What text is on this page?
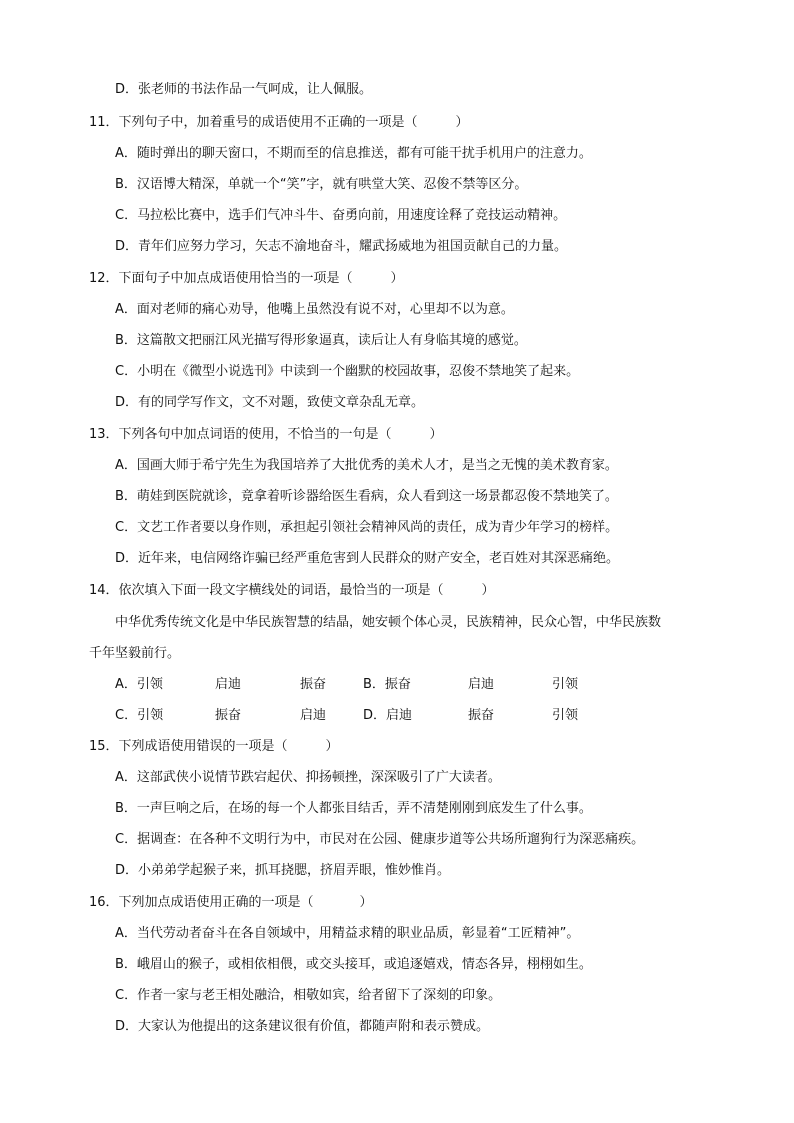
D．张老师的书法作品一气呵成，让人佩服。
11．下列句子中，加着重号的成语使用不正确的一项是（	）
A．随时弹出的聊天窗口，不期而至的信息推送，都有可能干扰手机用户的注意力。
B．汉语博大精深，单就一个“笑”字，就有哄堂大笑、忍俊不禁等区分。
C．马拉松比赛中，选手们气冲斗牛、奋勇向前，用速度诠释了竞技运动精神。
D．青年们应努力学习，矢志不渝地奋斗，耀武扬威地为祖国贡献自己的力量。
12．下面句子中加点成语使用恰当的一项是（	）
A．面对老师的痛心劝导，他嘴上虽然没有说不对，心里却不以为意。
B．这篇散文把丽江风光描写得形象逼真，读后让人有身临其境的感觉。
C．小明在《微型小说选刊》中读到一个幽默的校园故事，忍俊不禁地笑了起来。
D．有的同学写作文，文不对题，致使文章杂乱无章。
13．下列各句中加点词语的使用，不恰当的一句是（	）
A．国画大师于希宁先生为我国培养了大批优秀的美术人才，是当之无愧的美术教育家。
B．萌娃到医院就诊，竟拿着听诊器给医生看病，众人看到这一场景都忍俊不禁地笑了。
C．文艺工作者要以身作则，承担起引领社会精神风尚的责任，成为青少年学习的榜样。
D．近年来，电信网络诈骗已经严重危害到人民群众的财产安全，老百姓对其深恶痛绝。
14．依次填入下面一段文字横线处的词语，最恰当的一项是（	）
中华优秀传统文化是中华民族智慧的结晶，她安顿个体心灵，民族精神，民众心智，中华民族数
千年坚毅前行。
A．引领	启迪	振奋	B．振奋	启迪	引领
C．引领	振奋	启迪	D．启迪	振奋	引领
15．下列成语使用错误的一项是（	）
A．这部武侠小说情节跌宕起伏、抑扬顿挫，深深吸引了广大读者。
B．一声巨响之后，在场的每一个人都张目结舌，弄不清楚刚刚到底发生了什么事。
C．据调查：在各种不文明行为中，市民对在公园、健康步道等公共场所遛狗行为深恶痛疾。
D．小弟弟学起猴子来，抓耳挠腮，挤眉弄眼，惟妙惟肖。
16．下列加点成语使用正确的一项是（	）
A．当代劳动者奋斗在各自领域中，用精益求精的职业品质，彰显着“工匠精神”。
B．峨眉山的猴子，或相依相偎，或交头接耳，或追逐嬉戏，情态各异，栩栩如生。
C．作者一家与老王相处融洽，相敬如宾，给者留下了深刻的印象。
D．大家认为他提出的这条建议很有价值，都随声附和表示赞成。
